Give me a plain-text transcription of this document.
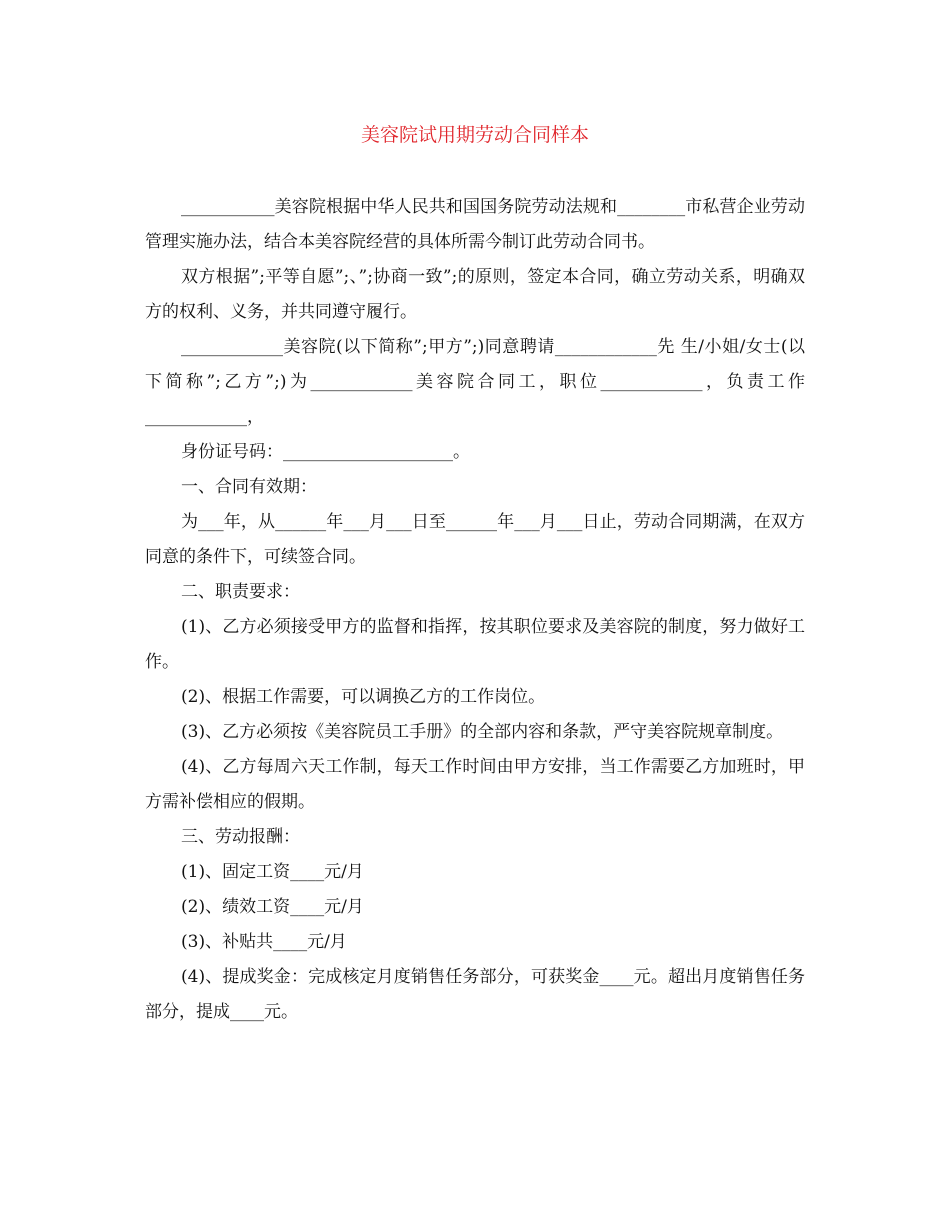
美容院试用期劳动合同样本

___________美容院根据中华人民共和国国务院劳动法规和________市私营企业劳动管理实施办法，结合本美容院经营的具体所需今制订此劳动合同书。

双方根据”;平等自愿”;、”;协商一致”;的原则，签定本合同，确立劳动关系，明确双方的权利、义务，并共同遵守履行。

____________美容院(以下简称”;甲方”;)同意聘请____________先 生/小姐/女士(以下简称”;乙方”;)为____________美容院合同工，职位____________，负责工作____________，

身份证号码：____________________。

一、合同有效期：

为___年，从______年___月___日至______年___月___日止，劳动合同期满，在双方同意的条件下，可续签合同。

二、职责要求：

(1)、乙方必须接受甲方的监督和指挥，按其职位要求及美容院的制度，努力做好工作。

(2)、根据工作需要，可以调换乙方的工作岗位。

(3)、乙方必须按《美容院员工手册》的全部内容和条款，严守美容院规章制度。

(4)、乙方每周六天工作制，每天工作时间由甲方安排，当工作需要乙方加班时，甲方需补偿相应的假期。

三、劳动报酬：

(1)、固定工资____元/月

(2)、绩效工资____元/月

(3)、补贴共____元/月

(4)、提成奖金：完成核定月度销售任务部分，可获奖金____元。超出月度销售任务部分，提成____元。
